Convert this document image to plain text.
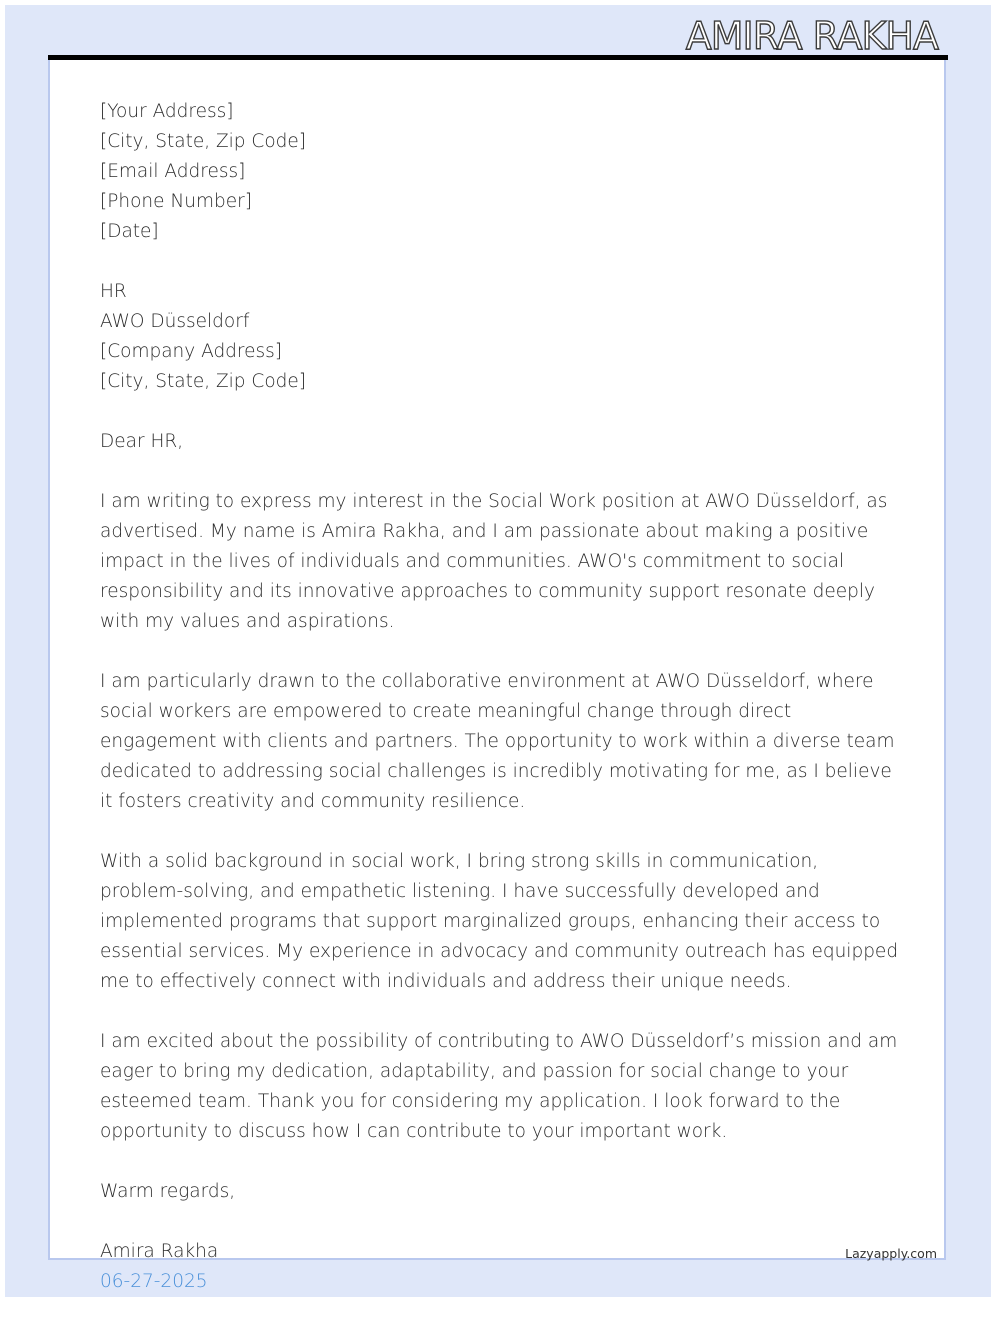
AMIRA RAKHA

[Your Address]
[City, State, Zip Code]
[Email Address]
[Phone Number]
[Date]

HR
AWO Düsseldorf
[Company Address]
[City, State, Zip Code]

Dear HR,

I am writing to express my interest in the Social Work position at AWO Düsseldorf, as advertised. My name is Amira Rakha, and I am passionate about making a positive impact in the lives of individuals and communities. AWO's commitment to social responsibility and its innovative approaches to community support resonate deeply with my values and aspirations.

I am particularly drawn to the collaborative environment at AWO Düsseldorf, where social workers are empowered to create meaningful change through direct engagement with clients and partners. The opportunity to work within a diverse team dedicated to addressing social challenges is incredibly motivating for me, as I believe it fosters creativity and community resilience.

With a solid background in social work, I bring strong skills in communication, problem-solving, and empathetic listening. I have successfully developed and implemented programs that support marginalized groups, enhancing their access to essential services. My experience in advocacy and community outreach has equipped me to effectively connect with individuals and address their unique needs.

I am excited about the possibility of contributing to AWO Düsseldorf’s mission and am eager to bring my dedication, adaptability, and passion for social change to your esteemed team. Thank you for considering my application. I look forward to the opportunity to discuss how I can contribute to your important work.

Warm regards,

Amira Rakha
06-27-2025

Lazyapply.com
